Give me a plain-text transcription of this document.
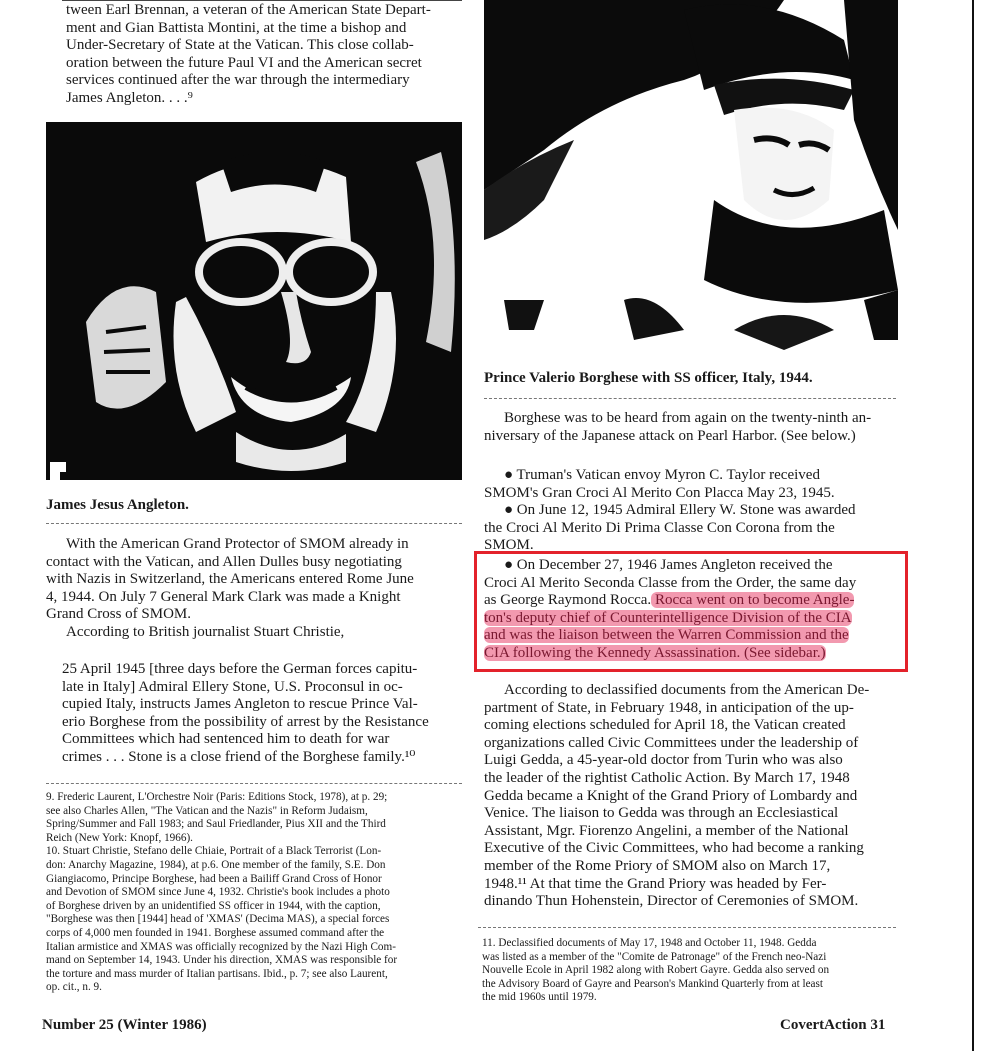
tween Earl Brennan, a veteran of the American State Depart-

ment and Gian Battista Montini, at the time a bishop and

Under-Secretary of State at the Vatican. This close collab-

oration between the future Paul VI and the American secret

services continued after the war through the intermediary

James Angleton. . . .⁹

James Jesus Angleton.

With the American Grand Protector of SMOM already in

contact with the Vatican, and Allen Dulles busy negotiating

with Nazis in Switzerland, the Americans entered Rome June

4, 1944. On July 7 General Mark Clark was made a Knight

Grand Cross of SMOM.

According to British journalist Stuart Christie,

25 April 1945 [three days before the German forces capitu-

late in Italy] Admiral Ellery Stone, U.S. Proconsul in oc-

cupied Italy, instructs James Angleton to rescue Prince Val-

erio Borghese from the possibility of arrest by the Resistance

Committees which had sentenced him to death for war

crimes . . . Stone is a close friend of the Borghese family.¹⁰

9. Frederic Laurent, L'Orchestre Noir (Paris: Editions Stock, 1978), at p. 29;

see also Charles Allen, "The Vatican and the Nazis" in Reform Judaism,

Spring/Summer and Fall 1983; and Saul Friedlander, Pius XII and the Third

Reich (New York: Knopf, 1966).

10. Stuart Christie, Stefano delle Chiaie, Portrait of a Black Terrorist (Lon-

don: Anarchy Magazine, 1984), at p.6. One member of the family, S.E. Don

Giangiacomo, Principe Borghese, had been a Bailiff Grand Cross of Honor

and Devotion of SMOM since June 4, 1932. Christie's book includes a photo

of Borghese driven by an unidentified SS officer in 1944, with the caption,

"Borghese was then [1944] head of 'XMAS' (Decima MAS), a special forces

corps of 4,000 men founded in 1941. Borghese assumed command after the

Italian armistice and XMAS was officially recognized by the Nazi High Com-

mand on September 14, 1943. Under his direction, XMAS was responsible for

the torture and mass murder of Italian partisans. Ibid., p. 7; see also Laurent,

op. cit., n. 9.

Number 25 (Winter 1986)
Prince Valerio Borghese with SS officer, Italy, 1944.

Borghese was to be heard from again on the twenty-ninth an-

niversary of the Japanese attack on Pearl Harbor. (See below.)

● Truman's Vatican envoy Myron C. Taylor received

SMOM's Gran Croci Al Merito Con Placca May 23, 1945.

● On June 12, 1945 Admiral Ellery W. Stone was awarded

the Croci Al Merito Di Prima Classe Con Corona from the

SMOM.

● On December 27, 1946 James Angleton received the

Croci Al Merito Seconda Classe from the Order, the same day

as George Raymond Rocca. Rocca went on to become Angle-

ton's deputy chief of Counterintelligence Division of the CIA

and was the liaison between the Warren Commission and the

CIA following the Kennedy Assassination. (See sidebar.)

According to declassified documents from the American De-

partment of State, in February 1948, in anticipation of the up-

coming elections scheduled for April 18, the Vatican created

organizations called Civic Committees under the leadership of

Luigi Gedda, a 45-year-old doctor from Turin who was also

the leader of the rightist Catholic Action. By March 17, 1948

Gedda became a Knight of the Grand Priory of Lombardy and

Venice. The liaison to Gedda was through an Ecclesiastical

Assistant, Mgr. Fiorenzo Angelini, a member of the National

Executive of the Civic Committees, who had become a ranking

member of the Rome Priory of SMOM also on March 17,

1948.¹¹ At that time the Grand Priory was headed by Fer-

dinando Thun Hohenstein, Director of Ceremonies of SMOM.

11. Declassified documents of May 17, 1948 and October 11, 1948. Gedda

was listed as a member of the "Comite de Patronage" of the French neo-Nazi

Nouvelle Ecole in April 1982 along with Robert Gayre. Gedda also served on

the Advisory Board of Gayre and Pearson's Mankind Quarterly from at least

the mid 1960s until 1979.

CovertAction 31
